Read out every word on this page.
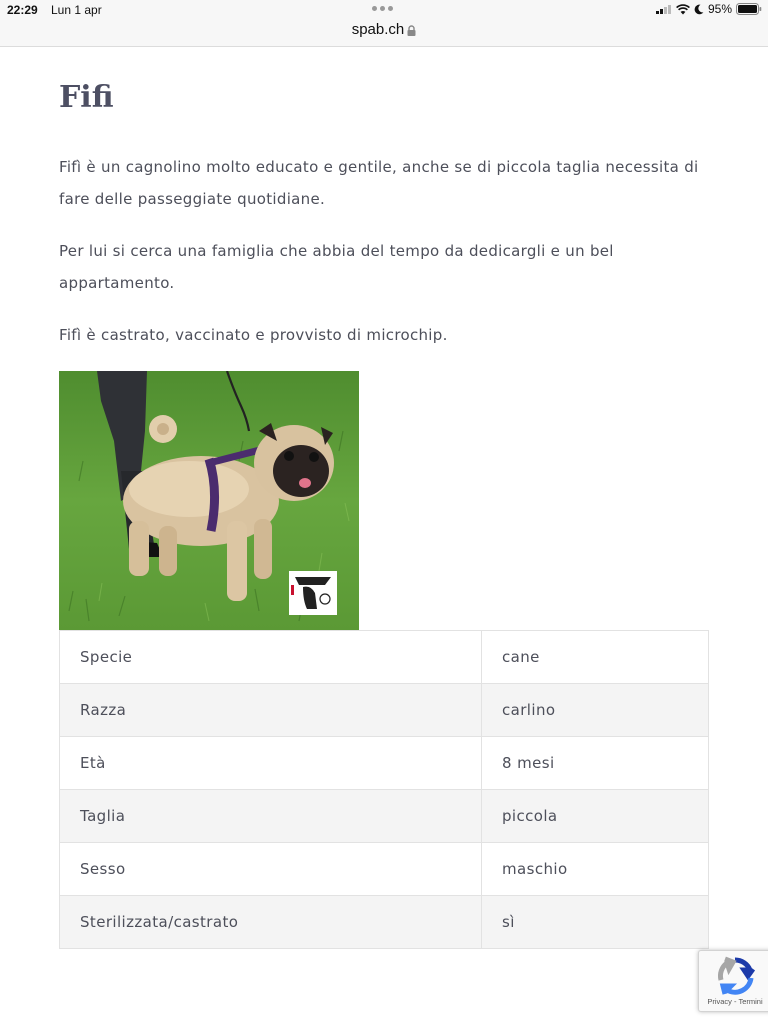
22:29 Lun 1 apr	95%
spab.ch
Fifi

Fifì è un cagnolino molto educato e gentile, anche se di piccola taglia necessita di fare delle passeggiate quotidiane.

Per lui si cerca una famiglia che abbia del tempo da dedicargli e un bel appartamento.

Fifì è castrato, vaccinato e provvisto di microchip.

Specie	cane
Razza	carlino
Età	8 mesi
Taglia	piccola
Sesso	maschio
Sterilizzata/castrato	sì
Privacy - Termini
